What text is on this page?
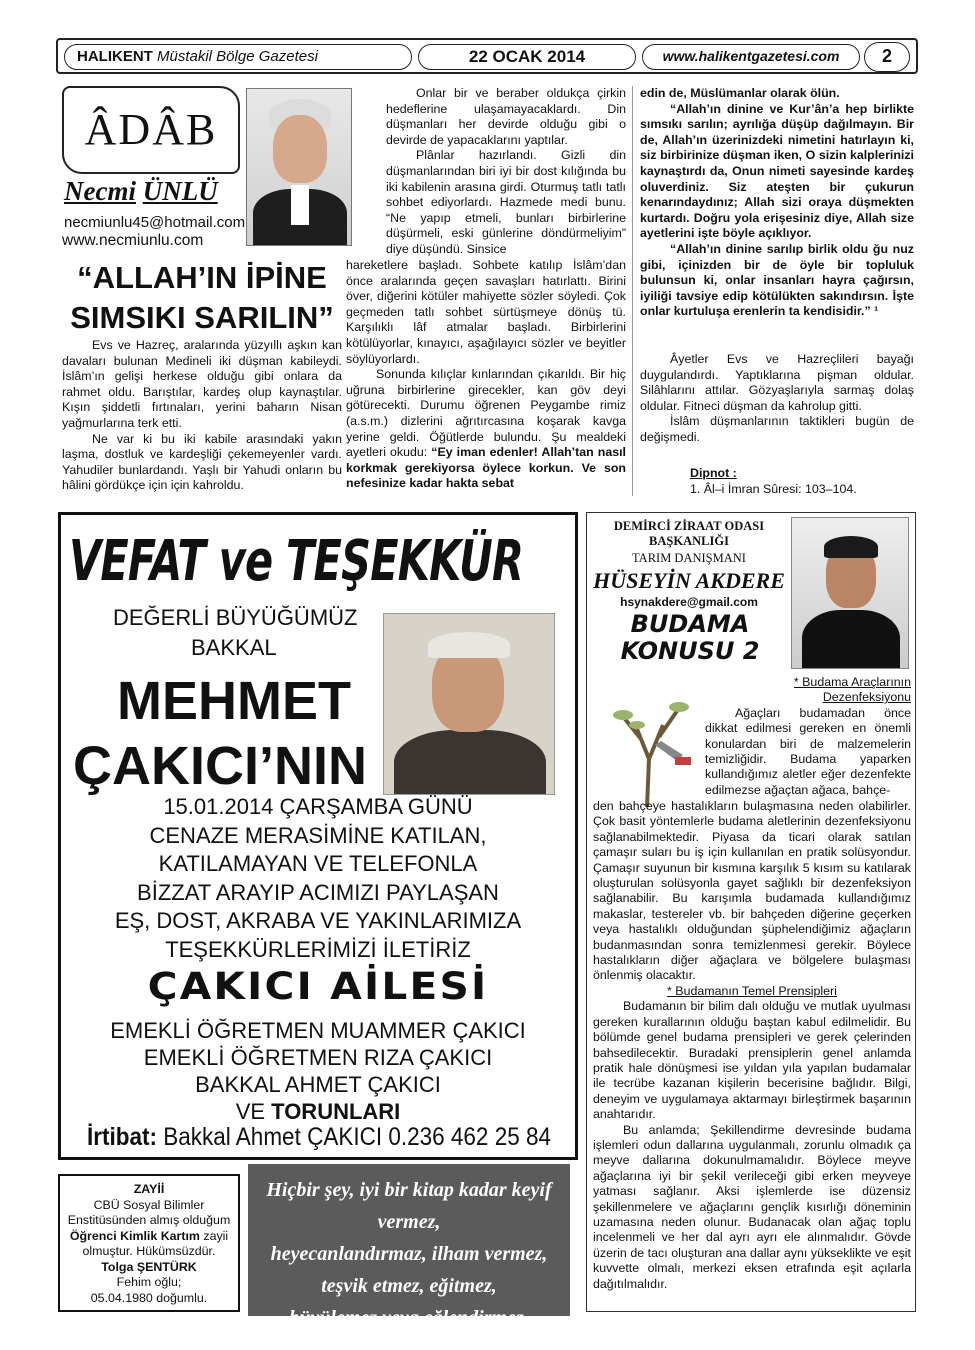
HALIKENT Müstakil Bölge Gazetesi	22 OCAK 2014	www.halikentgazetesi.com	2
ÂDÂB
Necmi ÜNLÜ
necmiunlu45@hotmail.com
www.necmiunlu.com
“ALLAH’IN İPİNE SIMSIKI SARILIN”

Evs ve Hazreç, aralarında yüzyıllı aşkın kan davaları bulunan Medineli iki düşman kabileydi. İslâm’ın gelişi herkese olduğu gibi onlara da rahmet oldu. Barıştılar, kardeş olup kaynaştılar. Kışın şiddetli fırtınaları, yerini baharın Nisan yağmurlarına terk etti.

Ne var ki bu iki kabile arasındaki yakın laşma, dostluk ve kardeşliği çekemeyenler vardı. Yahudiler bunlardandı. Yaşlı bir Yahudi onların bu hâlini gördükçe için için kahroldu.

Onlar bir ve beraber oldukça çirkin hedeflerine ulaşamayacaklardı. Din düşmanları her devirde olduğu gibi o devirde de yapacaklarını yaptılar.

Plânlar hazırlandı. Gizli din düşmanlarından biri iyi bir dost kılığında bu iki kabilenin arasına girdi. Oturmuş tatlı tatlı sohbet ediyorlardı. Hazmede medi bunu. “Ne yapıp etmeli, bunları birbirlerine düşürmeli, eski günlerine döndürmeliyim” diye düşündü. Sinsice

hareketlere başladı. Sohbete katılıp İslâm’dan önce aralarında geçen savaşları hatırlattı. Birini över, diğerini kötüler mahiyette sözler söyledi. Çok geçmeden tatlı sohbet sürtüşmeye dönüş tü. Karşılıklı lâf atmalar başladı. Birbirlerini kötülüyorlar, kınayıcı, aşağılayıcı sözler ve beyitler söylüyorlardı.

Sonunda kılıçlar kınlarından çıkarıldı. Bir hiç uğruna birbirlerine girecekler, kan göv deyi götürecekti. Durumu öğrenen Peygambe rimiz (a.s.m.) dizlerini ağrıtırcasına koşarak kavga yerine geldi. Öğütlerde bulundu. Şu mealdeki ayetleri okudu: “Ey iman edenler! Allah’tan nasıl korkmak gerekiyorsa öylece korkun. Ve son nefesinize kadar hakta sebat

edin de, Müslümanlar olarak ölün.

“Allah’ın dinine ve Kur’ân’a hep birlikte sımsıkı sarılın; ayrılığa düşüp dağılmayın. Bir de, Allah’ın üzerinizdeki nimetini hatırlayın ki, siz birbirinize düşman iken, O sizin kalplerinizi kaynaştırdı da, Onun nimeti sayesinde kardeş oluverdiniz. Siz ateşten bir çukurun kenarındaydınız; Allah sizi oraya düşmekten kurtardı. Doğru yola erişesiniz diye, Allah size ayetlerini işte böyle açıklıyor.

“Allah’ın dinine sarılıp birlik oldu ğu nuz gibi, içinizden bir de öyle bir topluluk bulunsun ki, onlar insanları hayra çağırsın, iyiliği tavsiye edip kötülükten sakındırsın. İşte onlar kurtuluşa erenlerin ta kendisidir.” ¹

Âyetler Evs ve Hazreçlileri bayağı duygulandırdı. Yaptıklarına pişman oldular. Silâhlarını attılar. Gözyaşlarıyla sarmaş dolaş oldular. Fitneci düşman da kahrolup gitti.

İslâm düşmanlarının taktikleri bugün de değişmedi.

Dipnot :
1. Âl–i İmran Sûresi: 103–104.
VEFAT ve TEŞEKKÜR
DEĞERLİ BÜYÜĞÜMÜZ
BAKKAL
MEHMET
ÇAKICI’NIN
15.01.2014 ÇARŞAMBA GÜNÜ
CENAZE MERASİMİNE KATILAN,
KATILAMAYAN VE TELEFONLA
BİZZAT ARAYIP ACIMIZI PAYLAŞAN
EŞ, DOST, AKRABA VE YAKINLARIMIZA
TEŞEKKÜRLERİMİZİ İLETİRİZ
ÇAKICI AİLESİ
EMEKLİ ÖĞRETMEN MUAMMER ÇAKICI
EMEKLİ ÖĞRETMEN RIZA ÇAKICI
BAKKAL AHMET ÇAKICI
VE TORUNLARI
İrtibat: Bakkal Ahmet ÇAKICI 0.236 462 25 84
ZAYİİ
CBÜ Sosyal Bilimler
Enstitüsünden almış olduğum
Öğrenci Kimlik Kartım zayii
olmuştur. Hükümsüzdür.
Tolga ŞENTÜRK
Fehim oğlu;
05.04.1980 doğumlu.
Hiçbir şey, iyi bir kitap kadar keyif vermez,
heyecanlandırmaz, ilham vermez,
teşvik etmez, eğitmez,
büyülemez veya eğlendirmez.
DEMİRCİ ZİRAAT ODASI
BAŞKANLIĞI
TARIM DANIŞMANI
HÜSEYİN AKDERE
hsynakdere@gmail.com
BUDAMA
KONUSU 2

* Budama Araçlarının Dezenfeksiyonu

Ağaçları budamadan önce dikkat edilmesi gereken en önemli konulardan biri de malzemelerin temizliğidir. Budama yaparken kullandığımız aletler eğer dezenfekte edilmezse ağaçtan ağaca, bahçe-

den bahçeye hastalıkların bulaşmasına neden olabilirler. Çok basit yöntemlerle budama aletlerinin dezenfeksiyonu sağlanabilmektedir. Piyasa da ticari olarak satılan çamaşır suları bu iş için kullanılan en pratik solüsyondur. Çamaşır suyunun bir kısmına karşılık 5 kısım su katılarak oluşturulan solüsyonla gayet sağlıklı bir dezenfeksiyon sağlanabilir. Bu karışımla budamada kullandığımız makaslar, testereler vb. bir bahçeden diğerine geçerken veya hastalıklı olduğundan şüphelendiğimiz ağaçların budanmasından sonra temizlenmesi gerekir. Böylece hastalıkların diğer ağaçlara ve bölgelere bulaşması önlenmiş olacaktır.

* Budamanın Temel Prensipleri

Budamanın bir bilim dalı olduğu ve mutlak uyulması gereken kurallarının olduğu baştan kabul edilmelidir. Bu bölümde genel budama prensipleri ve gerek çelerinden bahsedilecektir. Buradaki prensiplerin genel anlamda pratik hale dönüşmesi ise yıldan yıla yapılan budamalar ile tecrübe kazanan kişilerin becerisine bağlıdır. Bilgi, deneyim ve uygulamaya aktarmayı birleştirmek başarının anahtarıdır.

Bu anlamda; Şekillendirme devresinde budama işlemleri odun dallarına uygulanmalı, zorunlu olmadık ça meyve dallarına dokunulmamalıdır. Böylece meyve ağaçlarına iyi bir şekil verileceği gibi erken meyveye yatması sağlanır. Aksi işlemlerde ise düzensiz şekillenmelere ve ağaçlarını gençlik kısırlığı döneminin uzamasına neden olunur. Budanacak olan ağaç toplu incelenmeli ve her dal ayrı ayrı ele alınmalıdır. Gövde üzerin de tacı oluşturan ana dallar aynı yükseklikte ve eşit kuvvette olmalı, merkezi eksen etrafında eşit açılarla dağıtılmalıdır.
